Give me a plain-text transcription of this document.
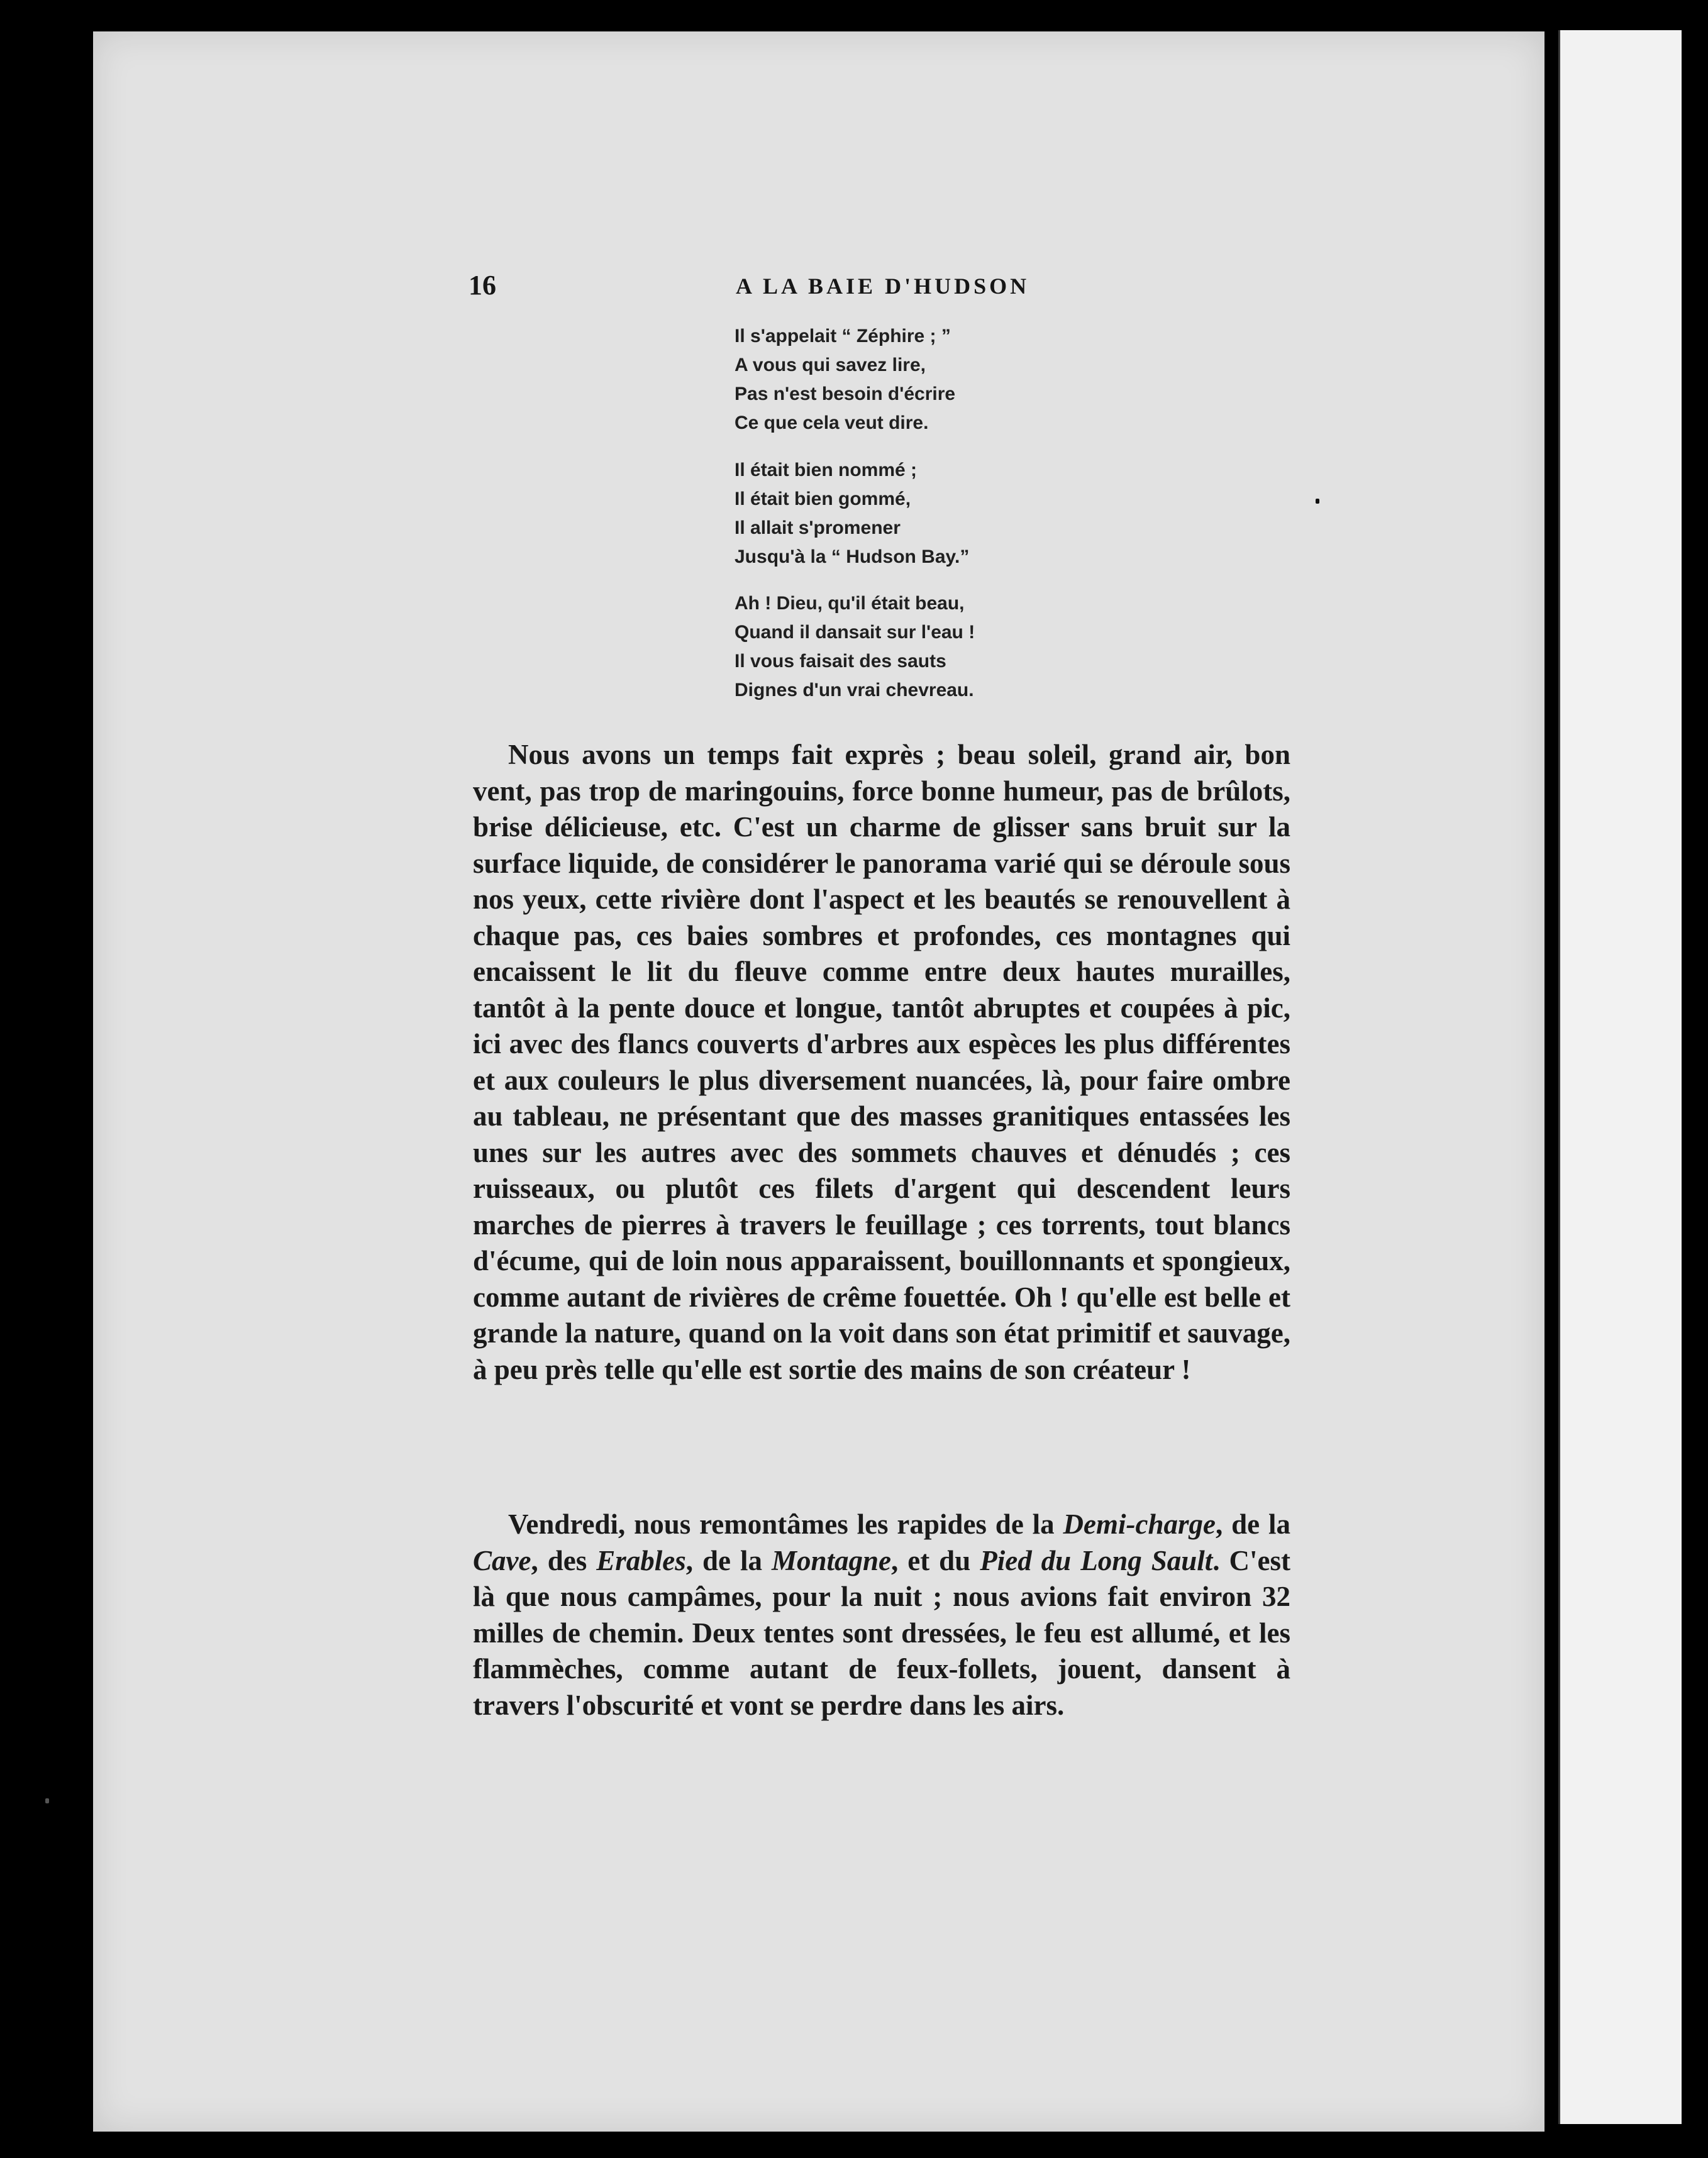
16	A LA BAIE D'HUDSON
Il s'appelait “ Zéphire ; ”
A vous qui savez lire,
Pas n'est besoin d'écrire
Ce que cela veut dire.
Il était bien nommé ;
Il était bien gommé,
Il allait s'promener
Jusqu'à la “ Hudson Bay.”
Ah ! Dieu, qu'il était beau,
Quand il dansait sur l'eau !
Il vous faisait des sauts
Dignes d'un vrai chevreau.

Nous avons un temps fait exprès ; beau soleil, grand air, bon vent, pas trop de maringouins, force bonne humeur, pas de brûlots, brise délicieuse, etc. C'est un charme de glisser sans bruit sur la surface liquide, de considérer le panorama varié qui se déroule sous nos yeux, cette rivière dont l'aspect et les beautés se renouvellent à chaque pas, ces baies sombres et profondes, ces montagnes qui encaissent le lit du fleuve comme entre deux hautes murailles, tantôt à la pente douce et longue, tantôt abruptes et coupées à pic, ici avec des flancs couverts d'arbres aux espèces les plus différentes et aux couleurs le plus diversement nuancées, là, pour faire ombre au tableau, ne présentant que des masses granitiques entassées les unes sur les autres avec des sommets chauves et dénudés ; ces ruisseaux, ou plutôt ces filets d'argent qui descendent leurs marches de pierres à travers le feuillage ; ces torrents, tout blancs d'écume, qui de loin nous apparaissent, bouillonnants et spongieux, comme autant de rivières de crême fouettée. Oh ! qu'elle est belle et grande la nature, quand on la voit dans son état primitif et sauvage, à peu près telle qu'elle est sortie des mains de son créateur !

Vendredi, nous remontâmes les rapides de la Demi-charge, de la Cave, des Erables, de la Montagne, et du Pied du Long Sault. C'est là que nous campâmes, pour la nuit ; nous avions fait environ 32 milles de chemin. Deux tentes sont dressées, le feu est allumé, et les flammèches, comme autant de feux-follets, jouent, dansent à travers l'obscurité et vont se perdre dans les airs.
